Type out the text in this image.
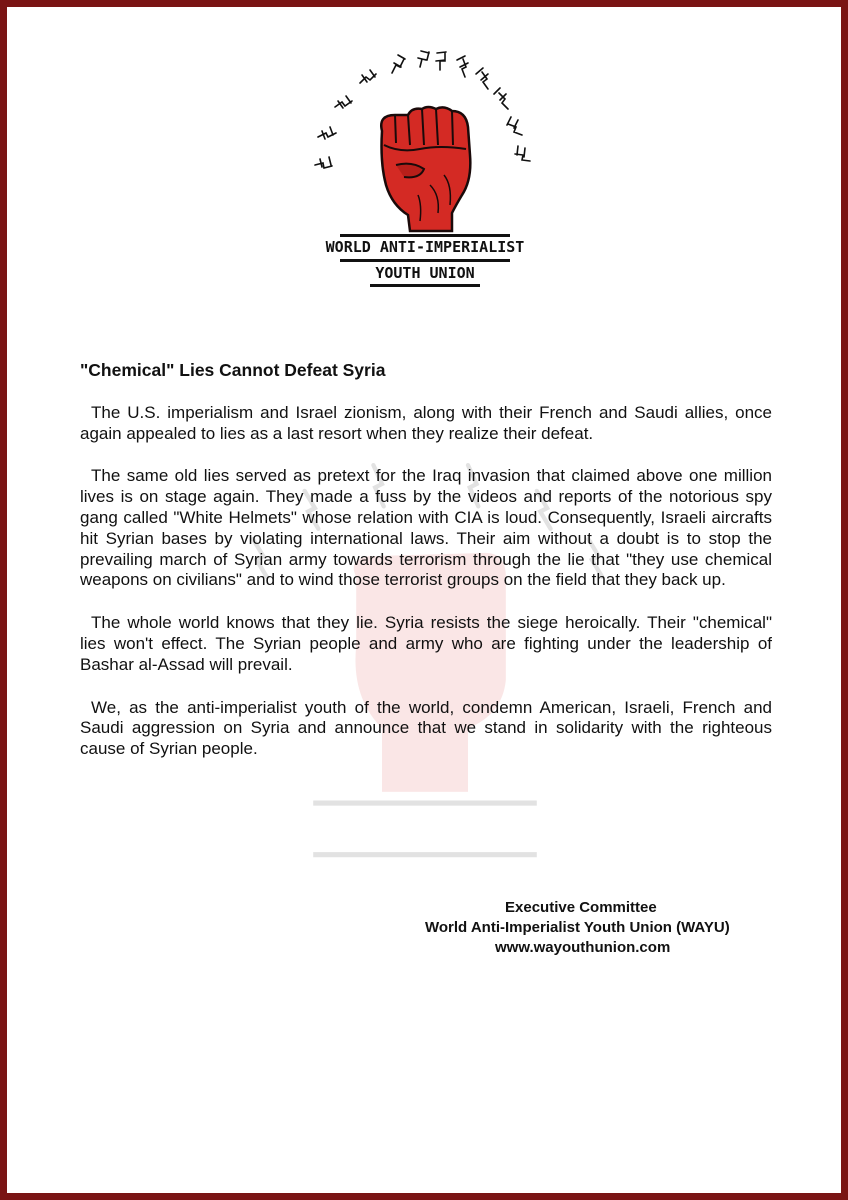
WORLD ANTI-IMPERIALIST
YOUTH UNION
"Chemical" Lies Cannot Defeat Syria

The U.S. imperialism and Israel zionism, along with their French and Saudi allies, once again appealed to lies as a last resort when they realize their defeat.

The same old lies served as pretext for the Iraq invasion that claimed above one million lives is on stage again. They made a fuss by the videos and reports of the notorious spy gang called "White Helmets" whose relation with CIA is loud. Consequently, Israeli aircrafts hit Syrian bases by violating international laws. Their aim without a doubt is to stop the prevailing march of Syrian army towards terrorism through the lie that "they use chemical weapons on civilians" and to wind those terrorist groups on the field that they back up.

The whole world knows that they lie. Syria resists the siege heroically. Their "chemical" lies won't effect. The Syrian people and army who are fighting under the leadership of Bashar al-Assad will prevail.

We, as the anti-imperialist youth of the world, condemn American, Israeli, French and Saudi aggression on Syria and announce that we stand in solidarity with the righteous cause of Syrian people.

Executive Committee
World Anti-Imperialist Youth Union (WAYU)
www.wayouthunion.com
